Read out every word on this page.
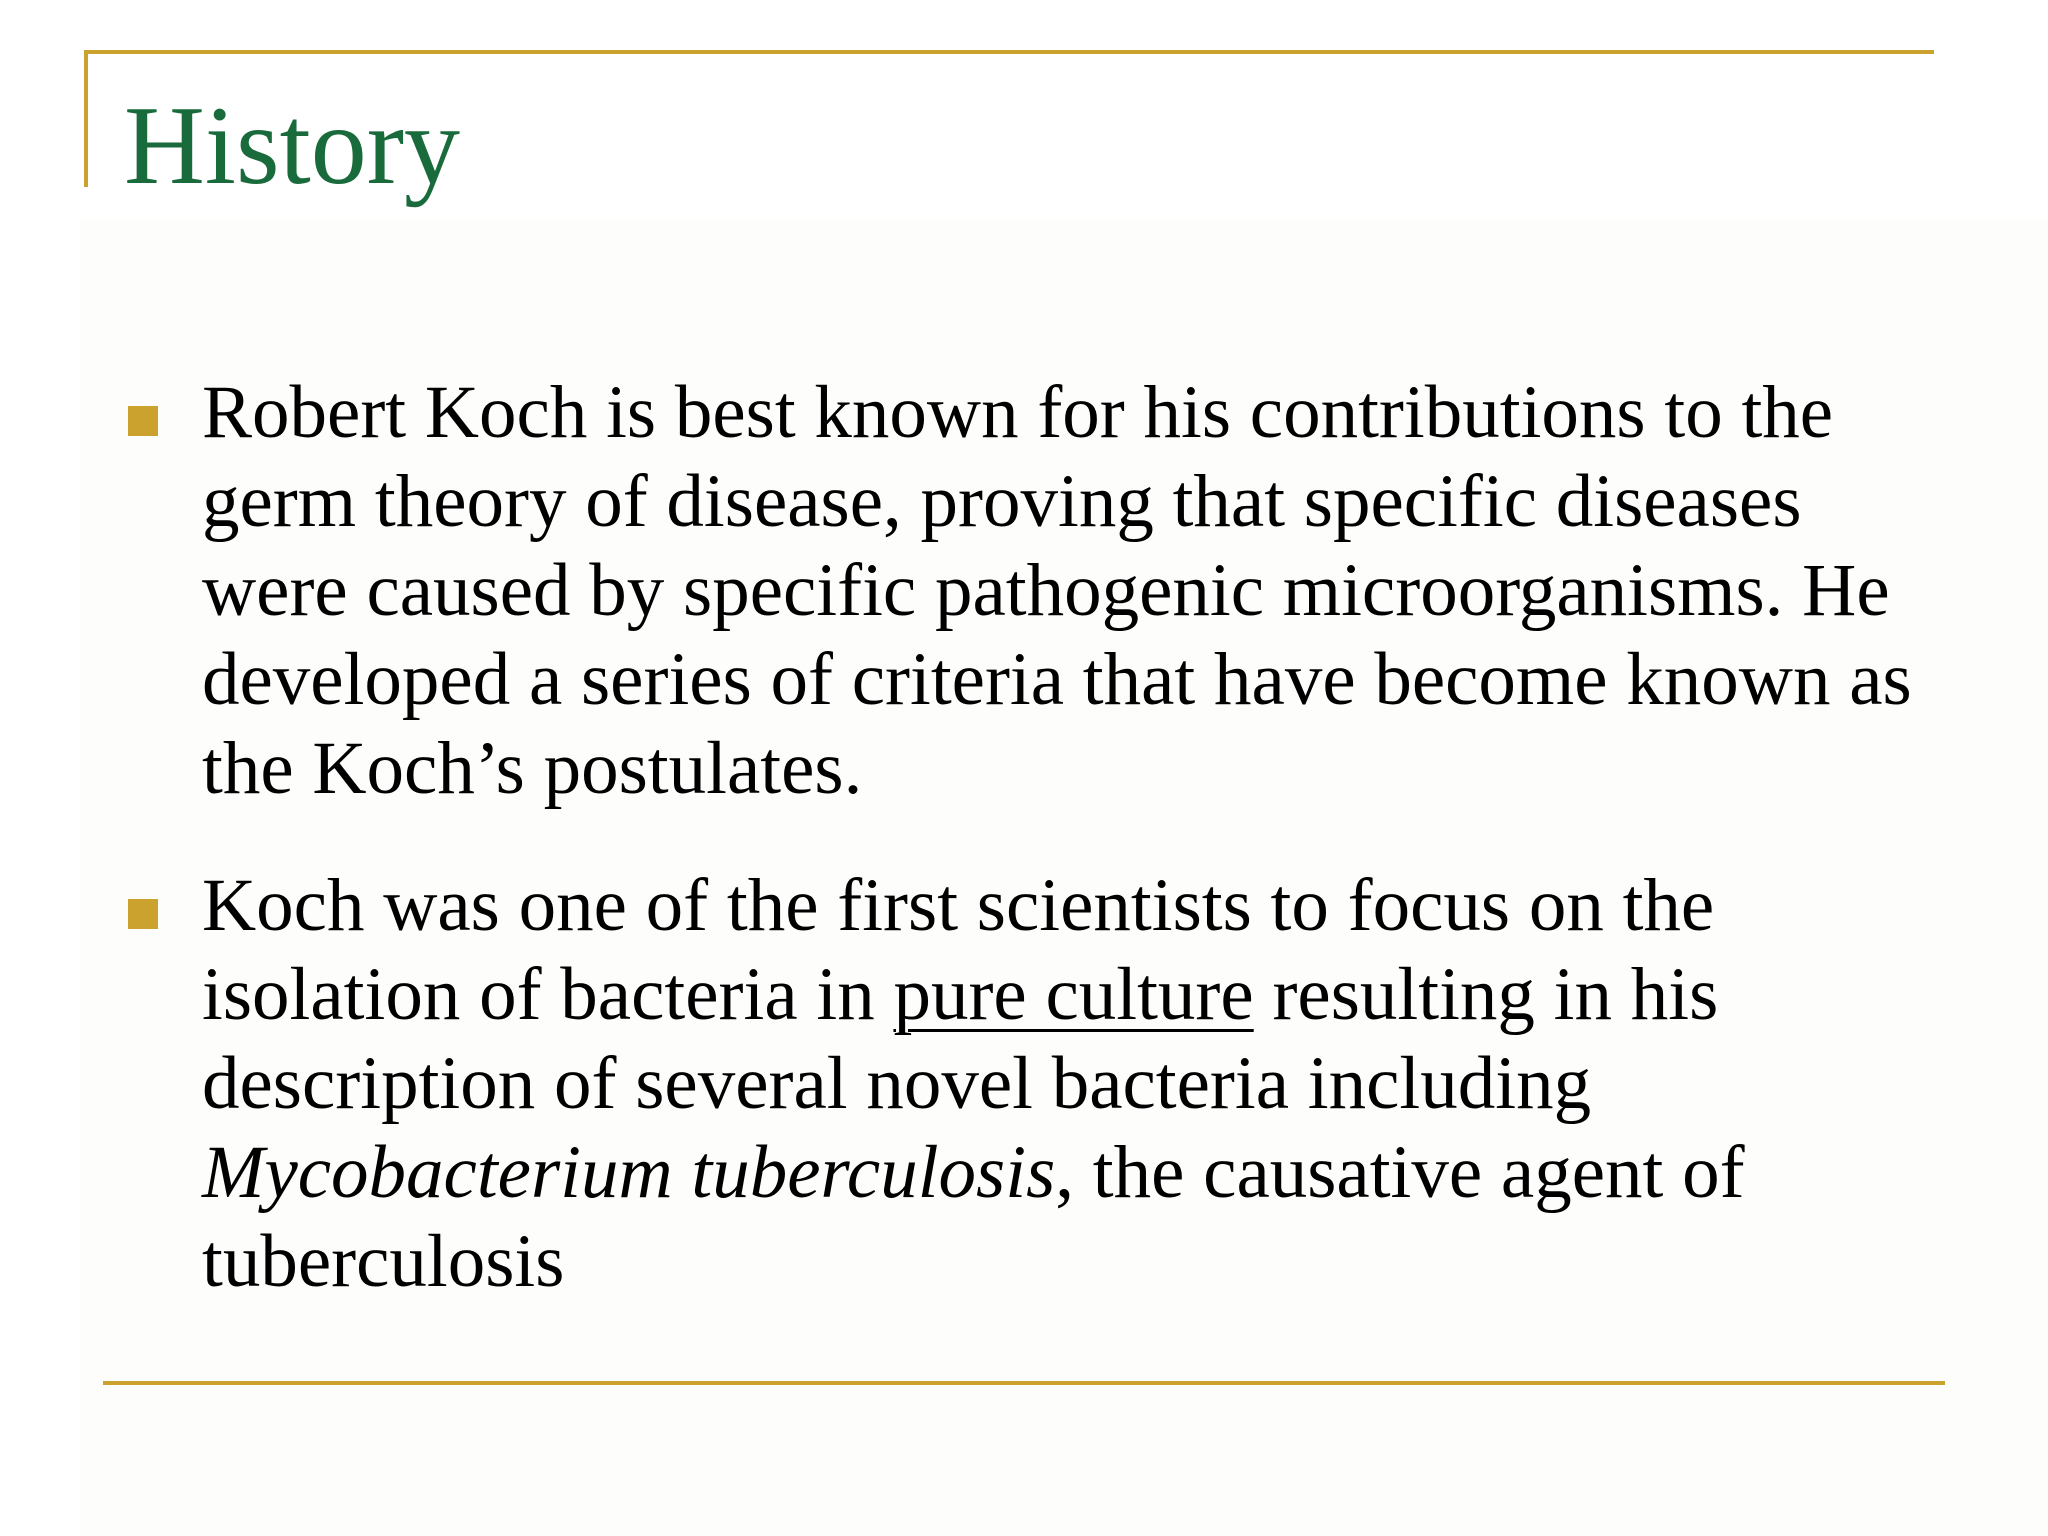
History
Robert Koch is best known for his contributions to the germ theory of disease, proving that specific diseases were caused by specific pathogenic microorganisms. He developed a series of criteria that have become known as the Koch’s postulates.
Koch was one of the first scientists to focus on the isolation of bacteria in pure culture resulting in his description of several novel bacteria including Mycobacterium tuberculosis, the causative agent of tuberculosis
